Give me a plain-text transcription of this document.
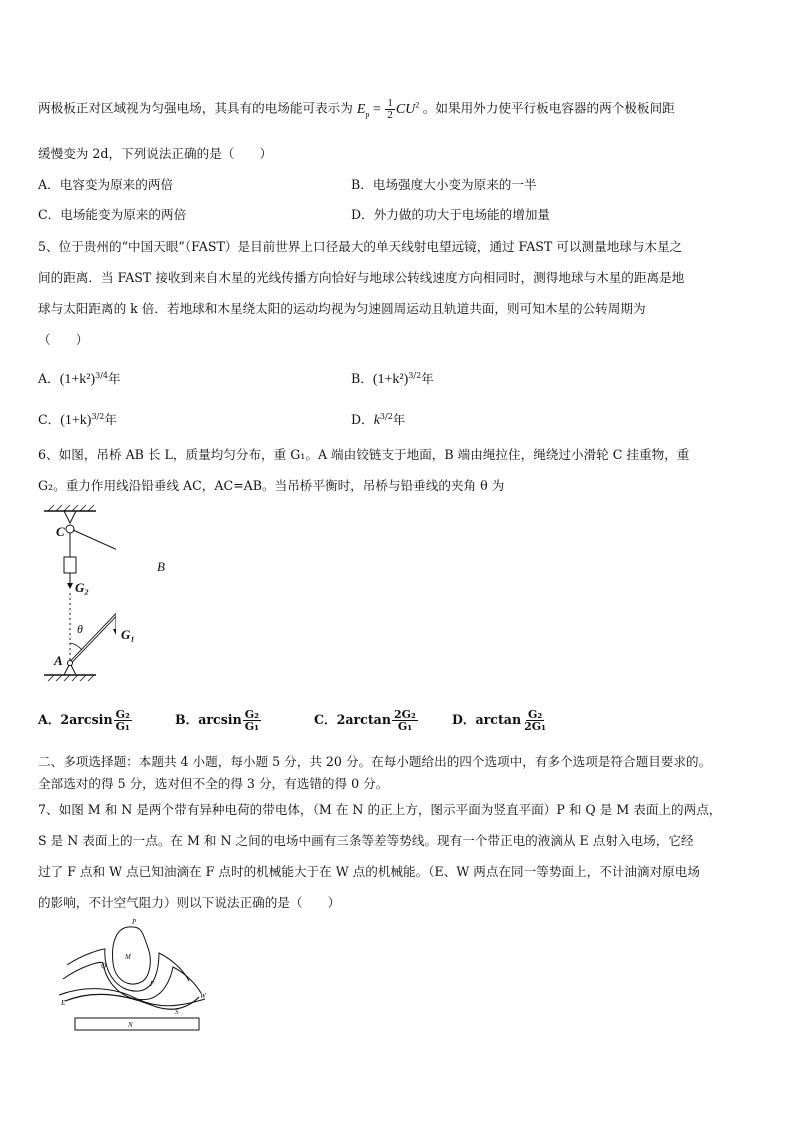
两极板正对区域视为匀强电场，其具有的电场能可表示为 $E_p = \frac{1}{2} CU^2$ 。如果用外力使平行板电容器的两个极板间距
缓慢变为 2d，下列说法正确的是（　　）
A．电容变为原来的两倍	B．电场强度大小变为原来的一半
C．电场能变为原来的两倍	D．外力做的功大于电场能的增加量
5、位于贵州的“中国天眼”（FAST）是目前世界上口径最大的单天线射电望远镜，通过 FAST 可以测量地球与木星之
间的距离．当 FAST 接收到来自木星的光线传播方向恰好与地球公转线速度方向相同时，测得地球与木星的距离是地
球与太阳距离的 k 倍．若地球和木星绕太阳的运动均视为匀速圆周运动且轨道共面，则可知木星的公转周期为
（　　）
A．$(1+k^2)^{3/4}$年	B．$(1+k^2)^{3/2}$年
C．$(1+k)^{3/2}$年	D．$k^{3/2}$年
6、如图，吊桥 AB 长 L，质量均匀分布，重 G₁。A 端由铰链支于地面，B 端由绳拉住，绳绕过小滑轮 C 挂重物，重
G₂。重力作用线沿铅垂线 AC，AC=AB。当吊桥平衡时，吊桥与铅垂线的夹角 θ 为
C
B
G₂
θ	G₁
A
A．$2\arcsin \frac{\text{G₂}}{\text{G₁}}$	B．$\arcsin \frac{\text{G₂}}{\text{G₁}}$	C．$2\arctan \frac{\text{2G₂}}{\text{G₁}}$	D．$\arctan \frac{\text{G₂}}{\text{2G₁}}$
二、多项选择题：本题共 4 小题，每小题 5 分，共 20 分。在每小题给出的四个选项中，有多个选项是符合题目要求的。
全部选对的得 5 分，选对但不全的得 3 分，有选错的得 0 分。
7、如图 M 和 N 是两个带有异种电荷的带电体，（M 在 N 的正上方，图示平面为竖直平面）P 和 Q 是 M 表面上的两点，
S 是 N 表面上的一点。在 M 和 N 之间的电场中画有三条等差等势线。现有一个带正电的液滴从 E 点射入电场，它经
过了 F 点和 W 点已知油滴在 F 点时的机械能大于在 W 点的机械能。（E、W 两点在同一等势面上，不计油滴对原电场
的影响，不计空气阻力）则以下说法正确的是（　　）
P
M
Q
F
E
W
S
N
